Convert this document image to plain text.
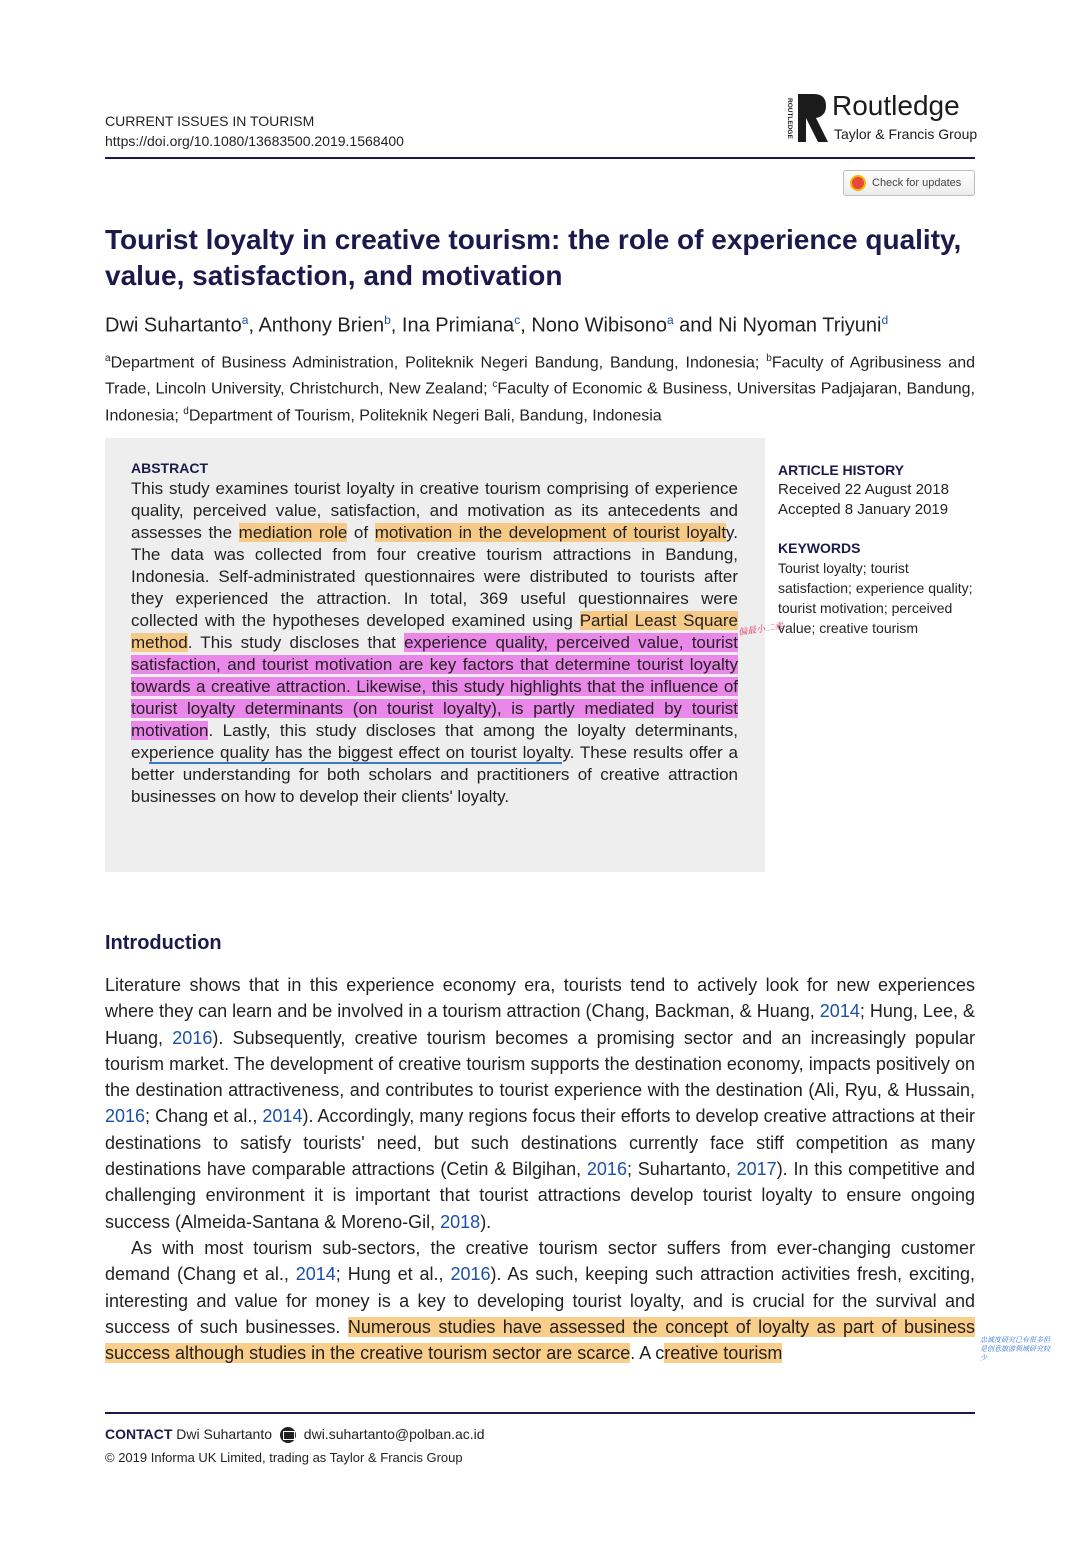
CURRENT ISSUES IN TOURISM
https://doi.org/10.1080/13683500.2019.1568400
ROUTLEDGE Routledge
Taylor & Francis Group
Check for updates
Tourist loyalty in creative tourism: the role of experience quality, value, satisfaction, and motivation
Dwi Suhartanto$^a$, Anthony Brien$^b$, Ina Primiana$^c$, Nono Wibisono$^a$ and Ni Nyoman Triyuni$^d$
$^a$Department of Business Administration, Politeknik Negeri Bandung, Bandung, Indonesia; $^b$Faculty of Agribusiness and Trade, Lincoln University, Christchurch, New Zealand; $^c$Faculty of Economic & Business, Universitas Padjajaran, Bandung, Indonesia; $^d$Department of Tourism, Politeknik Negeri Bali, Bandung, Indonesia
ABSTRACT
This study examines tourist loyalty in creative tourism comprising of experience quality, perceived value, satisfaction, and motivation as its antecedents and assesses the mediation role of motivation in the development of tourist loyalty. The data was collected from four creative tourism attractions in Bandung, Indonesia. Self-administrated questionnaires were distributed to tourists after they experienced the attraction. In total, 369 useful questionnaires were collected with the hypotheses developed examined using Partial Least Square method. This study discloses that experience quality, perceived value, tourist satisfaction, and tourist motivation are key factors that determine tourist loyalty towards a creative attraction. Likewise, this study highlights that the influence of tourist loyalty determinants (on tourist loyalty), is partly mediated by tourist motivation. Lastly, this study discloses that among the loyalty determinants, experience quality has the biggest effect on tourist loyalty. These results offer a better understanding for both scholars and practitioners of creative attraction businesses on how to develop their clients' loyalty.
偏最小二乘
ARTICLE HISTORY
Received 22 August 2018
Accepted 8 January 2019
KEYWORDS
Tourist loyalty; tourist satisfaction; experience quality; tourist motivation; perceived value; creative tourism
Introduction

Literature shows that in this experience economy era, tourists tend to actively look for new experiences where they can learn and be involved in a tourism attraction (Chang, Backman, & Huang, 2014; Hung, Lee, & Huang, 2016). Subsequently, creative tourism becomes a promising sector and an increasingly popular tourism market. The development of creative tourism supports the destination economy, impacts positively on the destination attractiveness, and contributes to tourist experience with the destination (Ali, Ryu, & Hussain, 2016; Chang et al., 2014). Accordingly, many regions focus their efforts to develop creative attractions at their destinations to satisfy tourists' need, but such destinations currently face stiff competition as many destinations have comparable attractions (Cetin & Bilgihan, 2016; Suhartanto, 2017). In this competitive and challenging environment it is important that tourist attractions develop tourist loyalty to ensure ongoing success (Almeida-Santana & Moreno-Gil, 2018).

As with most tourism sub-sectors, the creative tourism sector suffers from ever-changing customer demand (Chang et al., 2014; Hung et al., 2016). As such, keeping such attraction activities fresh, exciting, interesting and value for money is a key to developing tourist loyalty, and is crucial for the survival and success of such businesses. Numerous studies have assessed the concept of loyalty as part of business success although studies in the creative tourism sector are scarce. A creative tourism

忠诚度研究已有很多但是创意旅游领域研究较少
CONTACT Dwi Suhartanto dwi.suhartanto@polban.ac.id
© 2019 Informa UK Limited, trading as Taylor & Francis Group
